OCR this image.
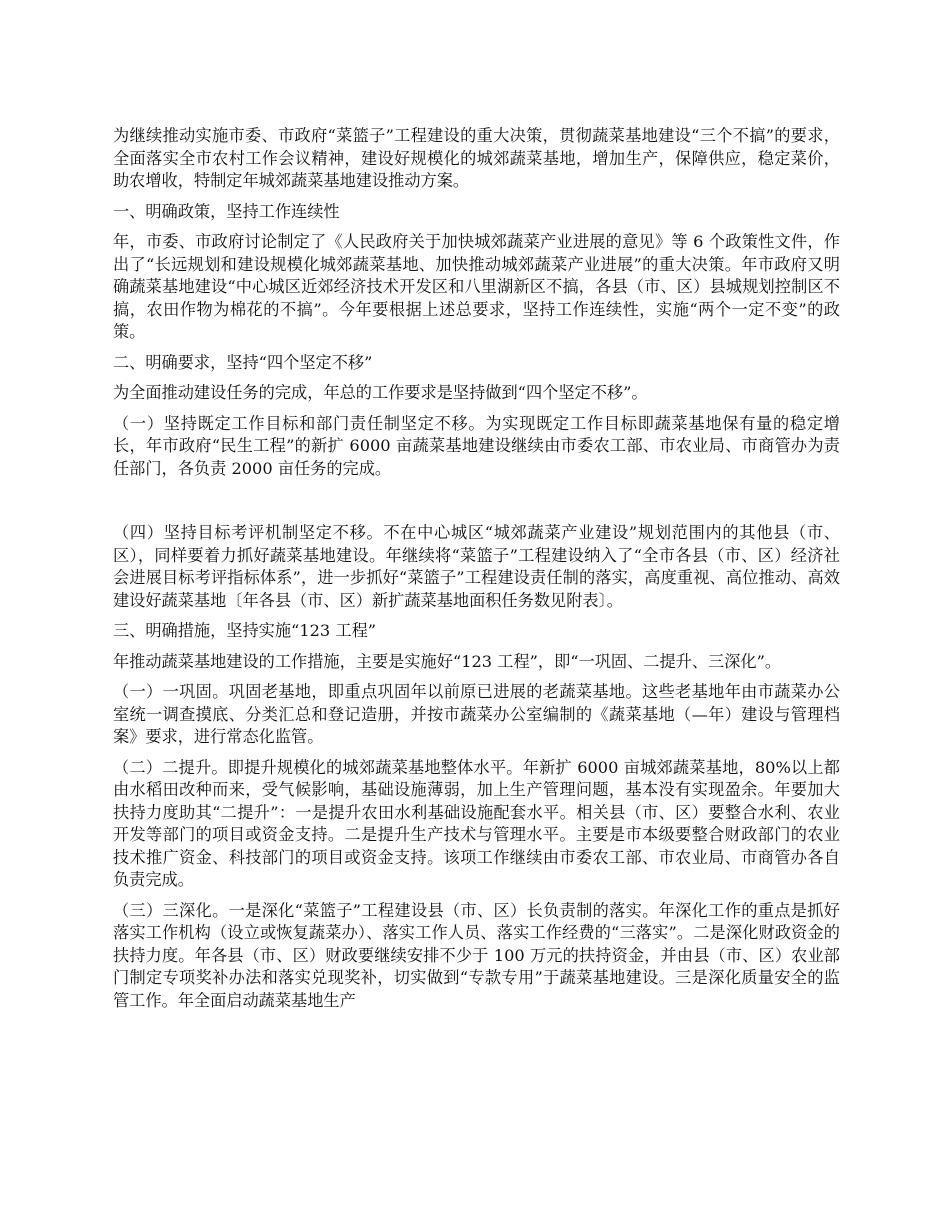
为继续推动实施市委、市政府“菜篮子”工程建设的重大决策，贯彻蔬菜基地建设“三个不搞”的要求，全面落实全市农村工作会议精神，建设好规模化的城郊蔬菜基地，增加生产，保障供应，稳定菜价，助农增收，特制定年城郊蔬菜基地建设推动方案。

一、明确政策，坚持工作连续性

年，市委、市政府讨论制定了《人民政府关于加快城郊蔬菜产业进展的意见》等 6 个政策性文件，作出了“长远规划和建设规模化城郊蔬菜基地、加快推动城郊蔬菜产业进展”的重大决策。年市政府又明确蔬菜基地建设“中心城区近郊经济技术开发区和八里湖新区不搞，各县（市、区）县城规划控制区不搞，农田作物为棉花的不搞”。今年要根据上述总要求，坚持工作连续性，实施“两个一定不变”的政策。

二、明确要求，坚持“四个坚定不移”

为全面推动建设任务的完成，年总的工作要求是坚持做到“四个坚定不移”。

（一）坚持既定工作目标和部门责任制坚定不移。为实现既定工作目标即蔬菜基地保有量的稳定增长，年市政府“民生工程”的新扩 6000 亩蔬菜基地建设继续由市委农工部、市农业局、市商管办为责任部门，各负责 2000 亩任务的完成。

（四）坚持目标考评机制坚定不移。不在中心城区“城郊蔬菜产业建设”规划范围内的其他县（市、区），同样要着力抓好蔬菜基地建设。年继续将“菜篮子”工程建设纳入了“全市各县（市、区）经济社会进展目标考评指标体系”，进一步抓好“菜篮子”工程建设责任制的落实，高度重视、高位推动、高效建设好蔬菜基地〔年各县（市、区）新扩蔬菜基地面积任务数见附表〕。

三、明确措施，坚持实施“123 工程”

年推动蔬菜基地建设的工作措施，主要是实施好“123 工程”，即“一巩固、二提升、三深化”。

（一）一巩固。巩固老基地，即重点巩固年以前原已进展的老蔬菜基地。这些老基地年由市蔬菜办公室统一调查摸底、分类汇总和登记造册，并按市蔬菜办公室编制的《蔬菜基地（—年）建设与管理档案》要求，进行常态化监管。

（二）二提升。即提升规模化的城郊蔬菜基地整体水平。年新扩 6000 亩城郊蔬菜基地，80%以上都由水稻田改种而来，受气候影响，基础设施薄弱，加上生产管理问题，基本没有实现盈余。年要加大扶持力度助其“二提升”：一是提升农田水利基础设施配套水平。相关县（市、区）要整合水利、农业开发等部门的项目或资金支持。二是提升生产技术与管理水平。主要是市本级要整合财政部门的农业技术推广资金、科技部门的项目或资金支持。该项工作继续由市委农工部、市农业局、市商管办各自负责完成。

（三）三深化。一是深化“菜篮子”工程建设县（市、区）长负责制的落实。年深化工作的重点是抓好落实工作机构（设立或恢复蔬菜办）、落实工作人员、落实工作经费的“三落实”。二是深化财政资金的扶持力度。年各县（市、区）财政要继续安排不少于 100 万元的扶持资金，并由县（市、区）农业部门制定专项奖补办法和落实兑现奖补，切实做到“专款专用”于蔬菜基地建设。三是深化质量安全的监管工作。年全面启动蔬菜基地生产
